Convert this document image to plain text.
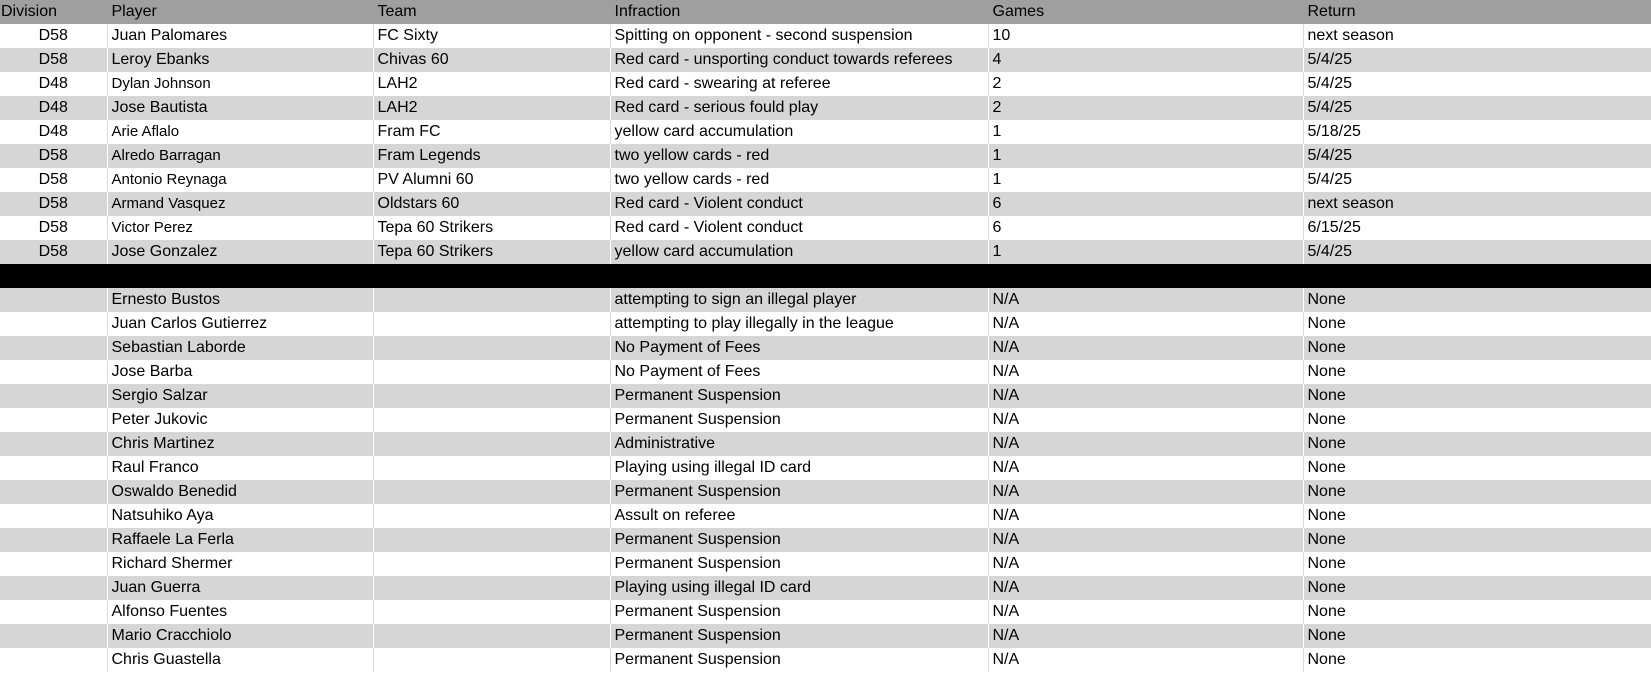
Division	Player	Team	Infraction	Games	Return
D58	Juan Palomares	FC Sixty	Spitting on opponent - second suspension	10	next season
D58	Leroy Ebanks	Chivas 60	Red card - unsporting conduct towards referees	4	5/4/25
D48	Dylan Johnson	LAH2	Red card - swearing at referee	2	5/4/25
D48	Jose Bautista	LAH2	Red card - serious fould play	2	5/4/25
D48	Arie Aflalo	Fram FC	yellow card accumulation	1	5/18/25
D58	Alredo Barragan	Fram Legends	two yellow cards - red	1	5/4/25
D58	Antonio Reynaga	PV Alumni 60	two yellow cards - red	1	5/4/25
D58	Armand Vasquez	Oldstars 60	Red card - Violent conduct	6	next season
D58	Victor Perez	Tepa 60 Strikers	Red card - Violent conduct	6	6/15/25
D58	Jose Gonzalez	Tepa 60 Strikers	yellow card accumulation	1	5/4/25

	Ernesto Bustos		attempting to sign an illegal player	N/A	None
	Juan Carlos Gutierrez		attempting to play illegally in the league	N/A	None
	Sebastian Laborde		No Payment of Fees	N/A	None
	Jose Barba		No Payment of Fees	N/A	None
	Sergio Salzar		Permanent Suspension	N/A	None
	Peter Jukovic		Permanent Suspension	N/A	None
	Chris Martinez		Administrative	N/A	None
	Raul Franco		Playing using illegal ID card	N/A	None
	Oswaldo Benedid		Permanent Suspension	N/A	None
	Natsuhiko Aya		Assult on referee	N/A	None
	Raffaele La Ferla		Permanent Suspension	N/A	None
	Richard Shermer		Permanent Suspension	N/A	None
	Juan Guerra		Playing using illegal ID card	N/A	None
	Alfonso Fuentes		Permanent Suspension	N/A	None
	Mario Cracchiolo		Permanent Suspension	N/A	None
	Chris Guastella		Permanent Suspension	N/A	None
